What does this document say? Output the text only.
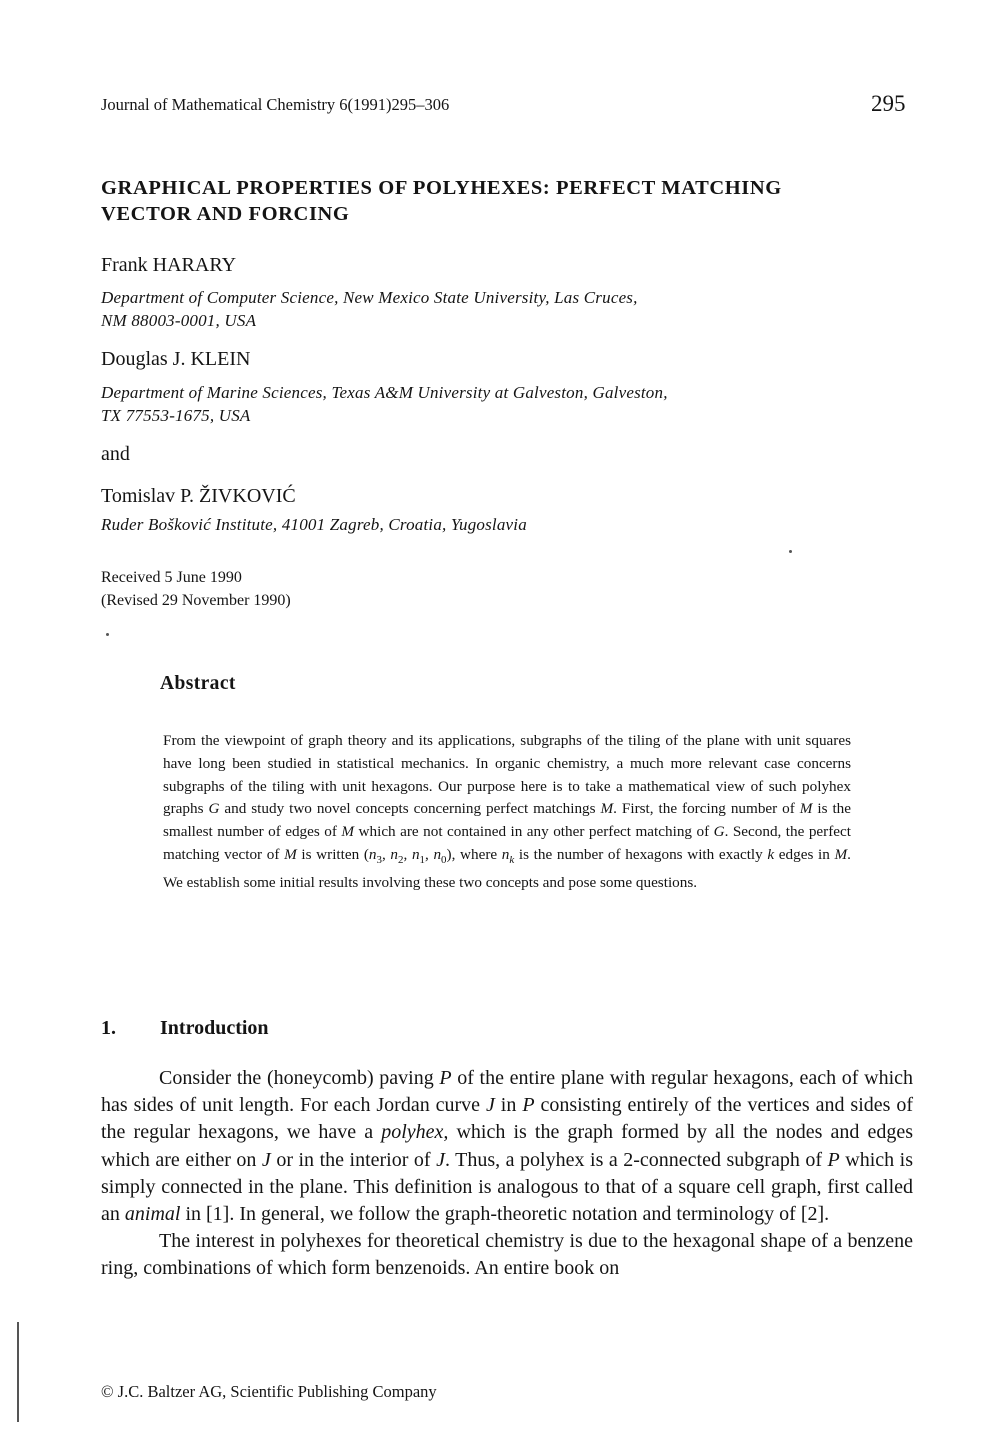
Journal of Mathematical Chemistry 6(1991)295–306	295
GRAPHICAL PROPERTIES OF POLYHEXES: PERFECT MATCHING
VECTOR AND FORCING
Frank HARARY
Department of Computer Science, New Mexico State University, Las Cruces,
NM 88003-0001, USA
Douglas J. KLEIN
Department of Marine Sciences, Texas A&M University at Galveston, Galveston,
TX 77553-1675, USA
and
Tomislav P. ŽIVKOVIĆ
Ruder Bošković Institute, 41001 Zagreb, Croatia, Yugoslavia
Received 5 June 1990
(Revised 29 November 1990)
Abstract
From the viewpoint of graph theory and its applications, subgraphs of the tiling of the plane with unit squares have long been studied in statistical mechanics. In organic chemistry, a much more relevant case concerns subgraphs of the tiling with unit hexagons. Our purpose here is to take a mathematical view of such polyhex graphs G and study two novel concepts concerning perfect matchings M. First, the forcing number of M is the smallest number of edges of M which are not contained in any other perfect matching of G. Second, the perfect matching vector of M is written ($n_3$, $n_2$, $n_1$, $n_0$), where $n_k$ is the number of hexagons with exactly k edges in M. We establish some initial results involving these two concepts and pose some questions.
1. Introduction

Consider the (honeycomb) paving P of the entire plane with regular hexagons, each of which has sides of unit length. For each Jordan curve J in P consisting entirely of the vertices and sides of the regular hexagons, we have a polyhex, which is the graph formed by all the nodes and edges which are either on J or in the interior of J. Thus, a polyhex is a 2-connected subgraph of P which is simply connected in the plane. This definition is analogous to that of a square cell graph, first called an animal in [1]. In general, we follow the graph-theoretic notation and terminology of [2].

The interest in polyhexes for theoretical chemistry is due to the hexagonal shape of a benzene ring, combinations of which form benzenoids. An entire book on

© J.C. Baltzer AG, Scientific Publishing Company
